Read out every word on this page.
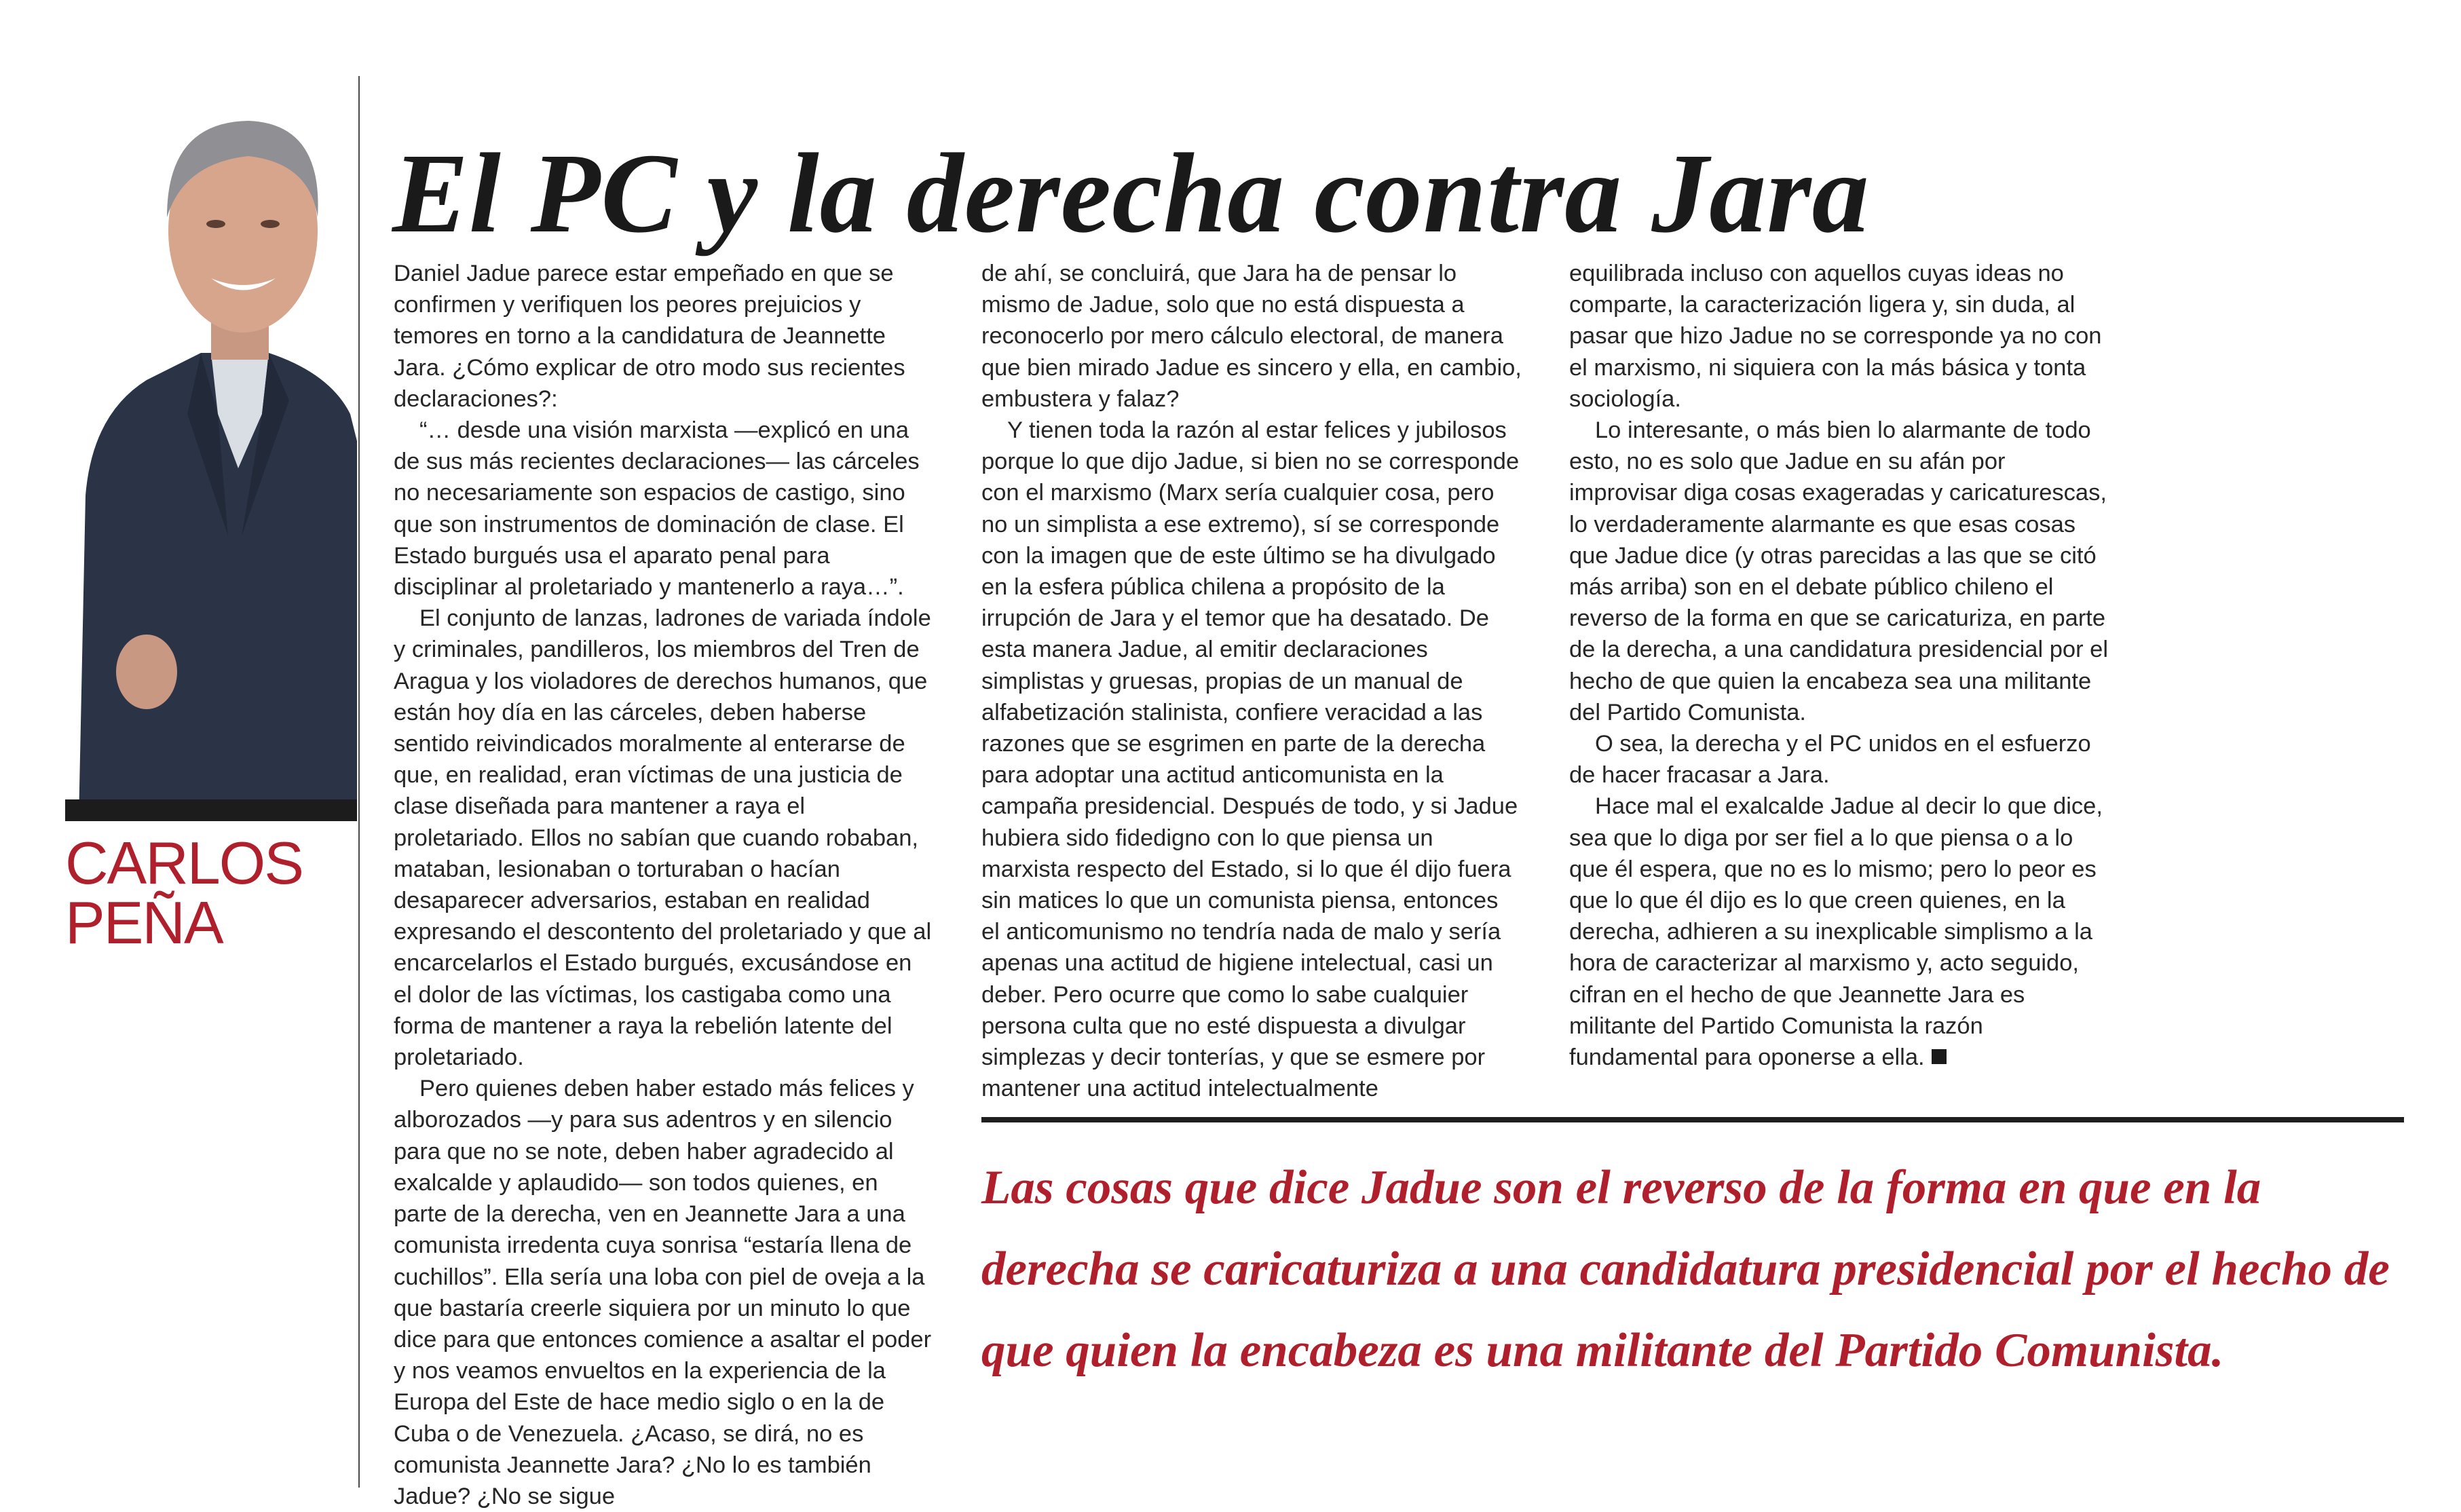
CARLOS
PEÑA
El PC y la derecha contra Jara

Daniel Jadue parece estar empeñado en que se confirmen y verifiquen los peores prejuicios y temores en torno a la candidatura de Jeannette Jara. ¿Cómo explicar de otro modo sus recientes declaraciones?:

“… desde una visión marxista —explicó en una de sus más recientes declaraciones— las cárceles no necesariamente son espacios de castigo, sino que son instrumentos de dominación de clase. El Estado burgués usa el aparato penal para disciplinar al proletariado y mantenerlo a raya…”.

El conjunto de lanzas, ladrones de variada índole y criminales, pandilleros, los miembros del Tren de Aragua y los violadores de derechos humanos, que están hoy día en las cárceles, deben haberse sentido reivindicados moralmente al enterarse de que, en realidad, eran víctimas de una justicia de clase diseñada para mantener a raya el proletariado. Ellos no sabían que cuando robaban, mataban, lesionaban o torturaban o hacían desaparecer adversarios, estaban en realidad expresando el descontento del proletariado y que al encarcelarlos el Estado burgués, excusándose en el dolor de las víctimas, los castigaba como una forma de mantener a raya la rebelión latente del proletariado.

Pero quienes deben haber estado más felices y alborozados —y para sus adentros y en silencio para que no se note, deben haber agradecido al exalcalde y aplaudido— son todos quienes, en parte de la derecha, ven en Jeannette Jara a una comunista irredenta cuya sonrisa “estaría llena de cuchillos”. Ella sería una loba con piel de oveja a la que bastaría creerle siquiera por un minuto lo que dice para que entonces comience a asaltar el poder y nos veamos envueltos en la experiencia de la Europa del Este de hace medio siglo o en la de Cuba o de Venezuela. ¿Acaso, se dirá, no es comunista Jeannette Jara? ¿No lo es también Jadue? ¿No se sigue

de ahí, se concluirá, que Jara ha de pensar lo mismo de Jadue, solo que no está dispuesta a reconocerlo por mero cálculo electoral, de manera que bien mirado Jadue es sincero y ella, en cambio, embustera y falaz?

Y tienen toda la razón al estar felices y jubilosos porque lo que dijo Jadue, si bien no se corresponde con el marxismo (Marx sería cualquier cosa, pero no un simplista a ese extremo), sí se corresponde con la imagen que de este último se ha divulgado en la esfera pública chilena a propósito de la irrupción de Jara y el temor que ha desatado. De esta manera Jadue, al emitir declaraciones simplistas y gruesas, propias de un manual de alfabetización stalinista, confiere veracidad a las razones que se esgrimen en parte de la derecha para adoptar una actitud anticomunista en la campaña presidencial. Después de todo, y si Jadue hubiera sido fidedigno con lo que piensa un marxista respecto del Estado, si lo que él dijo fuera sin matices lo que un comunista piensa, entonces el anticomunismo no tendría nada de malo y sería apenas una actitud de higiene intelectual, casi un deber. Pero ocurre que como lo sabe cualquier persona culta que no esté dispuesta a divulgar simplezas y decir tonterías, y que se esmere por mantener una actitud intelectualmente

equilibrada incluso con aquellos cuyas ideas no comparte, la caracterización ligera y, sin duda, al pasar que hizo Jadue no se corresponde ya no con el marxismo, ni siquiera con la más básica y tonta sociología.

Lo interesante, o más bien lo alarmante de todo esto, no es solo que Jadue en su afán por improvisar diga cosas exageradas y caricaturescas, lo verdaderamente alarmante es que esas cosas que Jadue dice (y otras parecidas a las que se citó más arriba) son en el debate público chileno el reverso de la forma en que se caricaturiza, en parte de la derecha, a una candidatura presidencial por el hecho de que quien la encabeza sea una militante del Partido Comunista.

O sea, la derecha y el PC unidos en el esfuerzo de hacer fracasar a Jara.

Hace mal el exalcalde Jadue al decir lo que dice, sea que lo diga por ser fiel a lo que piensa o a lo que él espera, que no es lo mismo; pero lo peor es que lo que él dijo es lo que creen quienes, en la derecha, adhieren a su inexplicable simplismo a la hora de caracterizar al marxismo y, acto seguido, cifran en el hecho de que Jeannette Jara es militante del Partido Comunista la razón fundamental para oponerse a ella.

Las cosas que dice Jadue son el reverso de la forma en que en la derecha se caricaturiza a una candidatura presidencial por el hecho de que quien la encabeza es una militante del Partido Comunista.
